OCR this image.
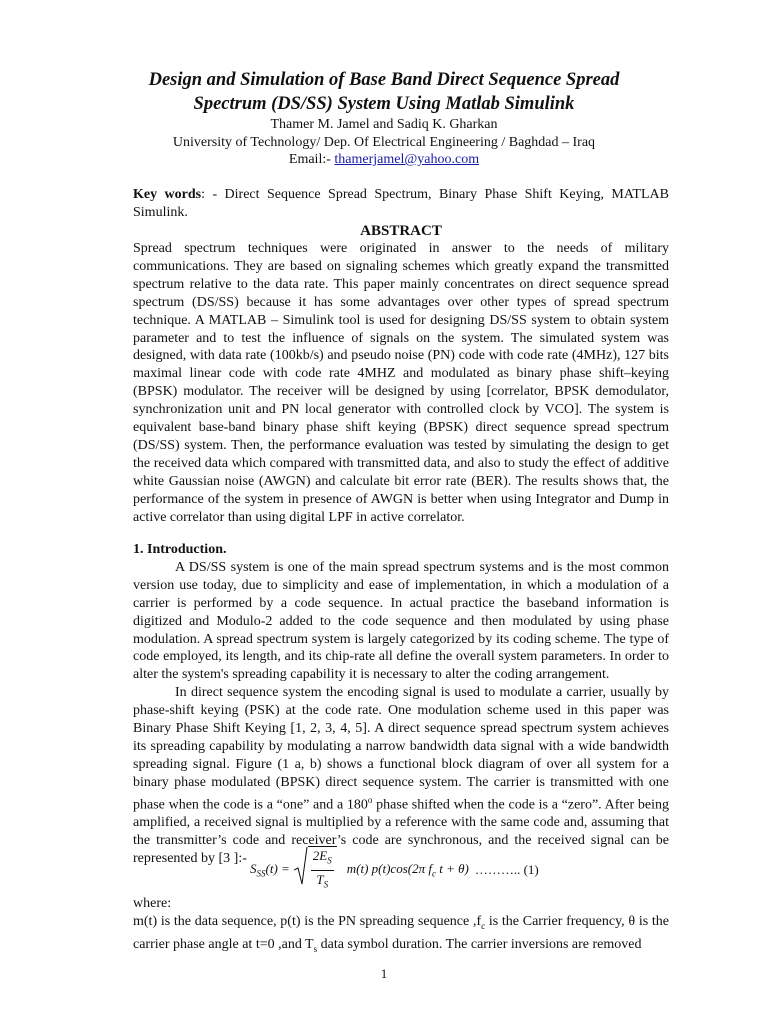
Design and Simulation of Base Band Direct Sequence Spread
Spectrum (DS/SS) System Using Matlab Simulink
Thamer M. Jamel and Sadiq K. Gharkan
University of Technology/ Dep. Of Electrical Engineering / Baghdad – Iraq
Email:- thamerjamel@yahoo.com
Key words: - Direct Sequence Spread Spectrum, Binary Phase Shift Keying, MATLAB Simulink.
ABSTRACT

Spread spectrum techniques were originated in answer to the needs of military communications. They are based on signaling schemes which greatly expand the transmitted spectrum relative to the data rate. This paper mainly concentrates on direct sequence spread spectrum (DS/SS) because it has some advantages over other types of spread spectrum technique. A MATLAB – Simulink tool is used for designing DS/SS system to obtain system parameter and to test the influence of signals on the system. The simulated system was designed, with data rate (100kb/s) and pseudo noise (PN) code with code rate (4MHz), 127 bits maximal linear code with code rate 4MHZ and modulated as binary phase shift–keying (BPSK) modulator. The receiver will be designed by using [correlator, BPSK demodulator, synchronization unit and PN local generator with controlled clock by VCO]. The system is equivalent base-band binary phase shift keying (BPSK) direct sequence spread spectrum (DS/SS) system. Then, the performance evaluation was tested by simulating the design to get the received data which compared with transmitted data, and also to study the effect of additive white Gaussian noise (AWGN) and calculate bit error rate (BER). The results shows that, the performance of the system in presence of AWGN is better when using Integrator and Dump in active correlator than using digital LPF in active correlator.

1. Introduction.

A DS/SS system is one of the main spread spectrum systems and is the most common version use today, due to simplicity and ease of implementation, in which a modulation of a carrier is performed by a code sequence. In actual practice the baseband information is digitized and Modulo-2 added to the code sequence and then modulated by using phase modulation. A spread spectrum system is largely categorized by its coding scheme. The type of code employed, its length, and its chip-rate all define the overall system parameters. In order to alter the system's spreading capability it is necessary to alter the coding arrangement.

In direct sequence system the encoding signal is used to modulate a carrier, usually by phase-shift keying (PSK) at the code rate. One modulation scheme used in this paper was Binary Phase Shift Keying [1, 2, 3, 4, 5]. A direct sequence spread spectrum system achieves its spreading capability by modulating a narrow bandwidth data signal with a wide bandwidth spreading signal. Figure (1 a, b) shows a functional block diagram of over all system for a binary phase modulated (BPSK) direct sequence system. The carrier is transmitted with one phase when the code is a “one” and a 180$^o$ phase shifted when the code is a “zero”. After being amplified, a received signal is multiplied by a reference with the same code and, assuming that the transmitter’s code and receiver’s code are synchronous, and the received signal can be represented by [3 ]:-

$S_{SS}(t) = \frac{2E_S}{T_S} m(t)$ p(t)cos(2π $f_c$ t + θ) ……….. (1)

where:

m(t) is the data sequence, p(t) is the PN spreading sequence $,f_c$ is the Carrier frequency, θ is the carrier phase angle at t=0 ,and $T_s$ data symbol duration. The carrier inversions are removed

1
